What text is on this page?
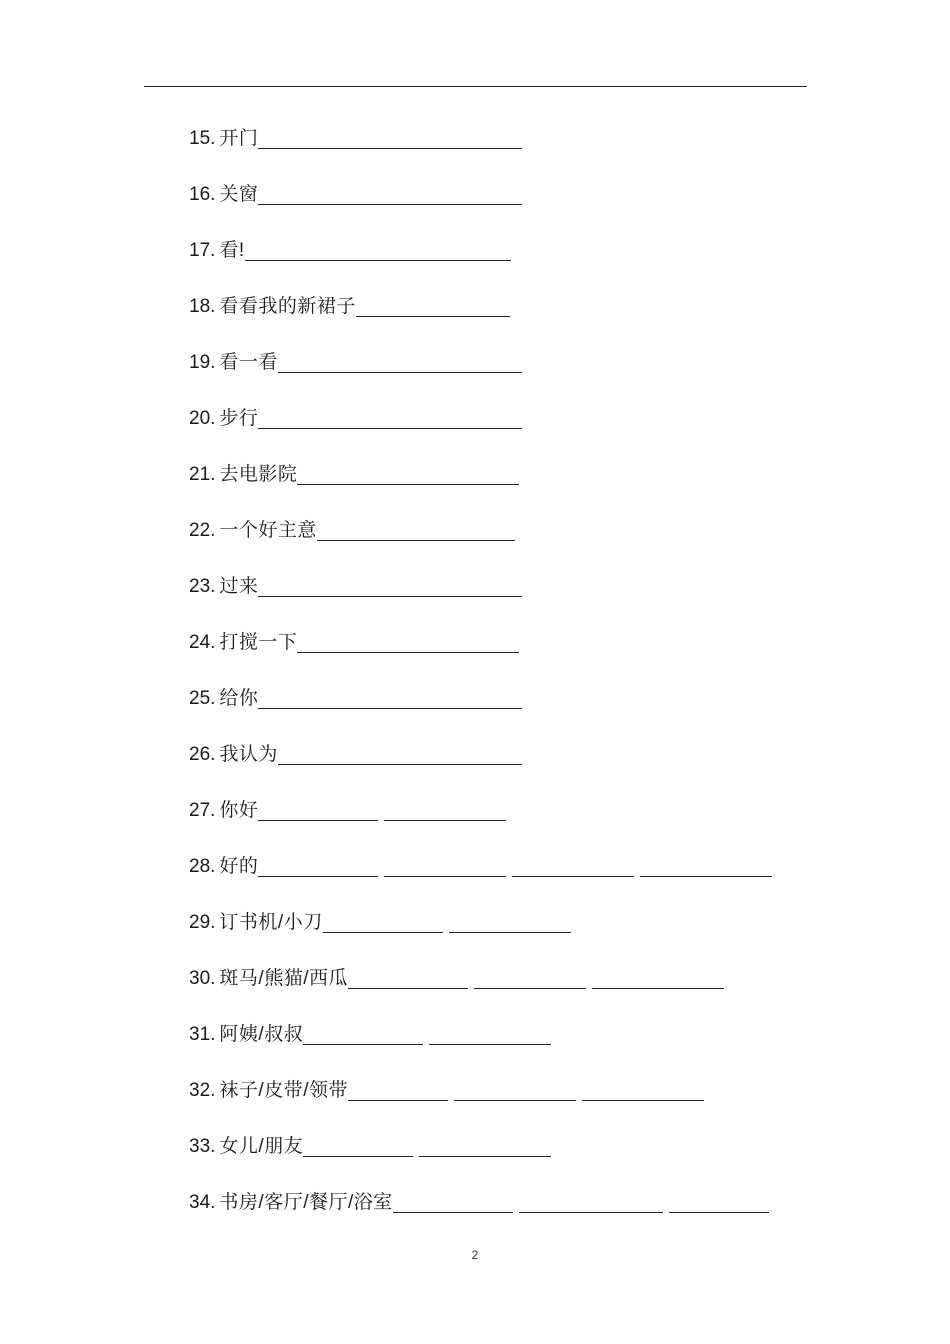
15. 开门
16. 关窗
17. 看!
18. 看看我的新裙子
19. 看一看
20. 步行
21. 去电影院
22. 一个好主意
23. 过来
24. 打搅一下
25. 给你
26. 我认为
27. 你好
28. 好的
29. 订书机/小刀
30. 斑马/熊猫/西瓜
31. 阿姨/叔叔
32. 袜子/皮带/领带
33. 女儿/朋友
34. 书房/客厅/餐厅/浴室
2
